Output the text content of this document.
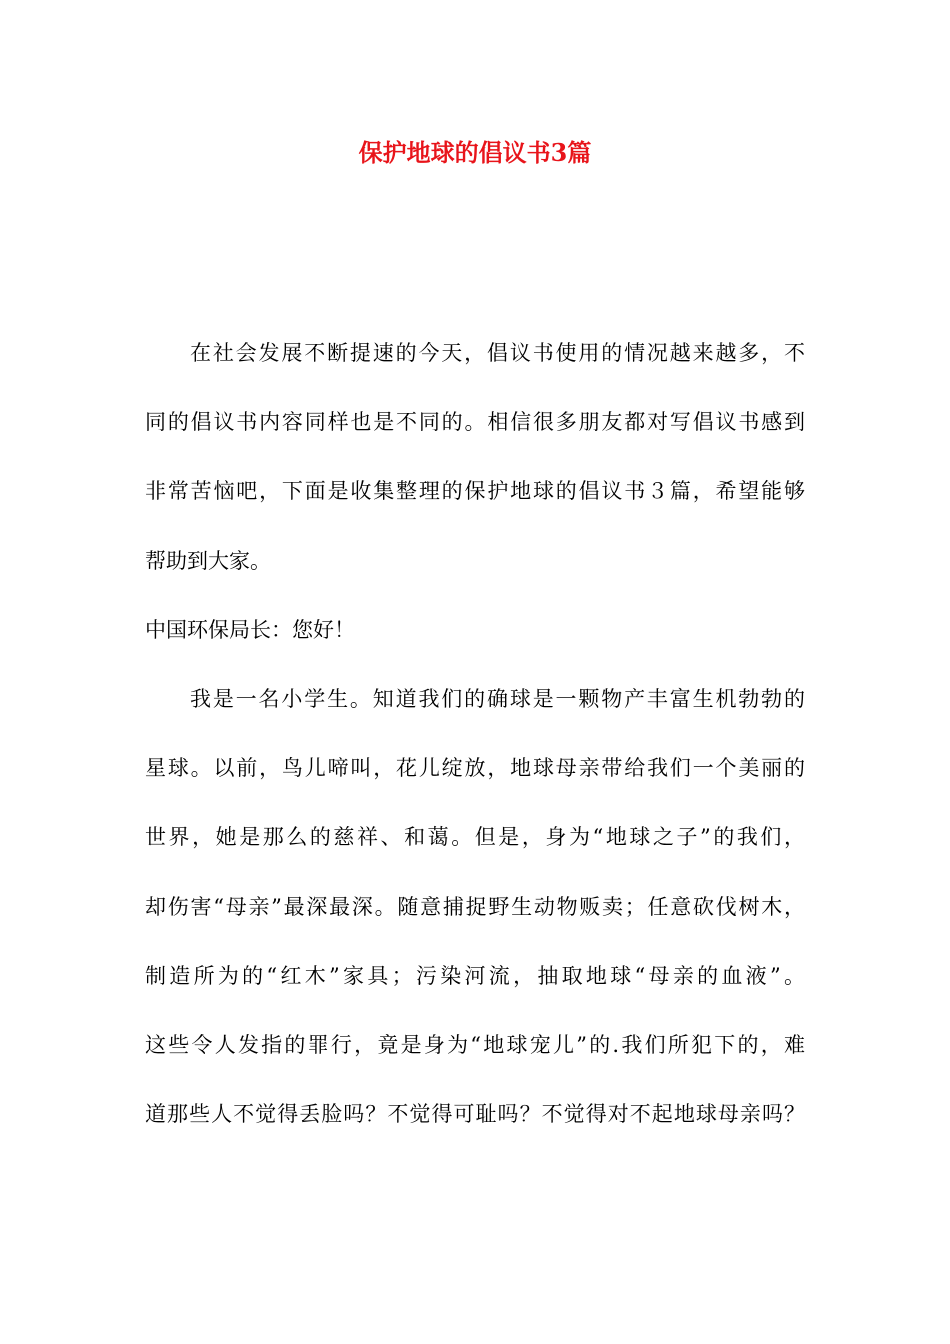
保护地球的倡议书3篇
在社会发展不断提速的今天，倡议书使用的情况越来越多，不
同的倡议书内容同样也是不同的。相信很多朋友都对写倡议书感到
非常苦恼吧，下面是收集整理的保护地球的倡议书３篇，希望能够
帮助到大家。
中国环保局长：您好！
我是一名小学生。知道我们的确球是一颗物产丰富生机勃勃的
星球。以前，鸟儿啼叫，花儿绽放，地球母亲带给我们一个美丽的
世界，她是那么的慈祥、和蔼。但是，身为“地球之子”的我们，
却伤害“母亲”最深最深。随意捕捉野生动物贩卖；任意砍伐树木，
制造所为的“红木”家具；污染河流，抽取地球“母亲的血液”。
这些令人发指的罪行，竟是身为“地球宠儿”的.我们所犯下的，难
道那些人不觉得丢脸吗？不觉得可耻吗？不觉得对不起地球母亲吗？
